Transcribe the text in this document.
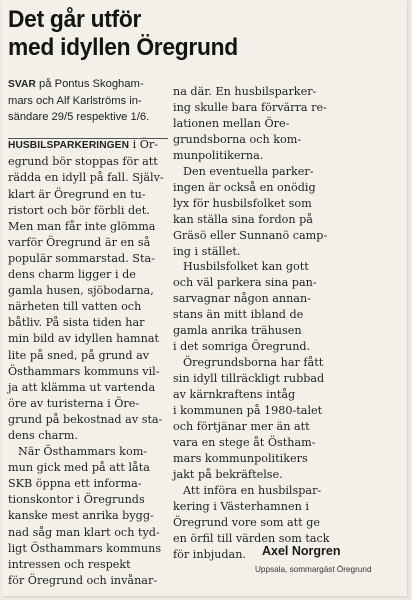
Det går utför
med idyllen Öregrund
SVAR på Pontus Skogham-
mars och Alf Karlströms in-
sändare 29/5 respektive 1/6.
HUSBILSPARKERINGEN i Ör-
egrund bör stoppas för att
rädda en idyll på fall. Själv-
klart är Öregrund en tu-
ristort och bör förbli det.
Men man får inte glömma
varför Öregrund är en så
populär sommarstad. Sta-
dens charm ligger i de
gamla husen, sjöbodarna,
närheten till vatten och
båtliv. På sista tiden har
min bild av idyllen hamnat
lite på sned, på grund av
Östhammars kommuns vil-
ja att klämma ut vartenda
öre av turisterna i Öre-
grund på bekostnad av sta-
dens charm.
När Östhammars kom-
mun gick med på att låta
SKB öppna ett informa-
tionskontor i Öregrunds
kanske mest anrika bygg-
nad såg man klart och tyd-
ligt Östhammars kommuns
intressen och respekt
för Öregrund och invånar-
na där. En husbilsparker-
ing skulle bara förvärra re-
lationen mellan Öre-
grundsborna och kom-
munpolitikerna.
Den eventuella parker-
ingen är också en onödig
lyx för husbilsfolket som
kan ställa sina fordon på
Gräsö eller Sunnanö camp-
ing i stället.
Husbilsfolket kan gott
och väl parkera sina pan-
sarvagnar någon annan-
stans än mitt ibland de
gamla anrika trähusen
i det somriga Öregrund.
Öregrundsborna har fått
sin idyll tillräckligt rubbad
av kärnkraftens intåg
i kommunen på 1980-talet
och förtjänar mer än att
vara en stege åt Östham-
mars kommunpolitikers
jakt på bekräftelse.
Att införa en husbilspar-
kering i Västerhamnen i
Öregrund vore som att ge
en örfil till värden som tack
för inbjudan.	Axel Norgren
Uppsala, sommargäst Öregrund
